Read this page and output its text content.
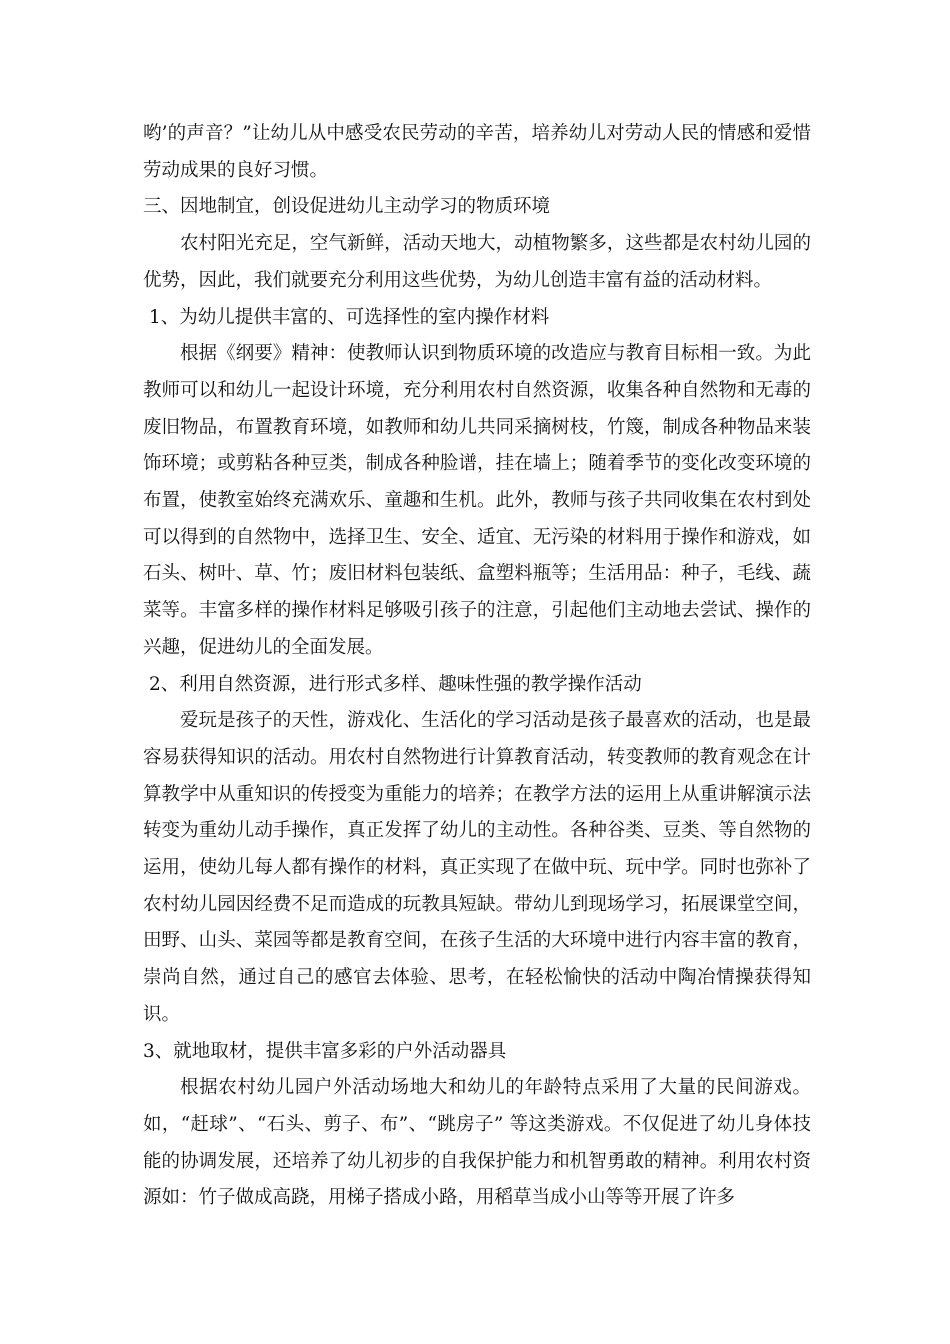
哟’的声音？”让幼儿从中感受农民劳动的辛苦，培养幼儿对劳动人民的情感和爱惜劳动成果的良好习惯。

三、因地制宜，创设促进幼儿主动学习的物质环境

农村阳光充足，空气新鲜，活动天地大，动植物繁多，这些都是农村幼儿园的优势，因此，我们就要充分利用这些优势，为幼儿创造丰富有益的活动材料。

1、为幼儿提供丰富的、可选择性的室内操作材料

根据《纲要》精神：使教师认识到物质环境的改造应与教育目标相一致。为此教师可以和幼儿一起设计环境，充分利用农村自然资源，收集各种自然物和无毒的废旧物品，布置教育环境，如教师和幼儿共同采摘树枝，竹篾，制成各种物品来装饰环境；或剪粘各种豆类，制成各种脸谱，挂在墙上；随着季节的变化改变环境的布置，使教室始终充满欢乐、童趣和生机。此外，教师与孩子共同收集在农村到处可以得到的自然物中，选择卫生、安全、适宜、无污染的材料用于操作和游戏，如石头、树叶、草、竹；废旧材料包装纸、盒塑料瓶等；生活用品：种子，毛线、蔬菜等。丰富多样的操作材料足够吸引孩子的注意，引起他们主动地去尝试、操作的兴趣，促进幼儿的全面发展。

2、利用自然资源，进行形式多样、趣味性强的教学操作活动

爱玩是孩子的天性，游戏化、生活化的学习活动是孩子最喜欢的活动，也是最容易获得知识的活动。用农村自然物进行计算教育活动，转变教师的教育观念在计算教学中从重知识的传授变为重能力的培养；在教学方法的运用上从重讲解演示法转变为重幼儿动手操作，真正发挥了幼儿的主动性。各种谷类、豆类、等自然物的运用，使幼儿每人都有操作的材料，真正实现了在做中玩、玩中学。同时也弥补了农村幼儿园因经费不足而造成的玩教具短缺。带幼儿到现场学习，拓展课堂空间，田野、山头、菜园等都是教育空间，在孩子生活的大环境中进行内容丰富的教育，崇尚自然，通过自己的感官去体验、思考，在轻松愉快的活动中陶冶情操获得知识。

3、就地取材，提供丰富多彩的户外活动器具

根据农村幼儿园户外活动场地大和幼儿的年龄特点采用了大量的民间游戏。如，“赶球”、“石头、剪子、布”、“跳房子” 等这类游戏。不仅促进了幼儿身体技能的协调发展，还培养了幼儿初步的自我保护能力和机智勇敢的精神。利用农村资源如：竹子做成高跷，用梯子搭成小路，用稻草当成小山等等开展了许多
